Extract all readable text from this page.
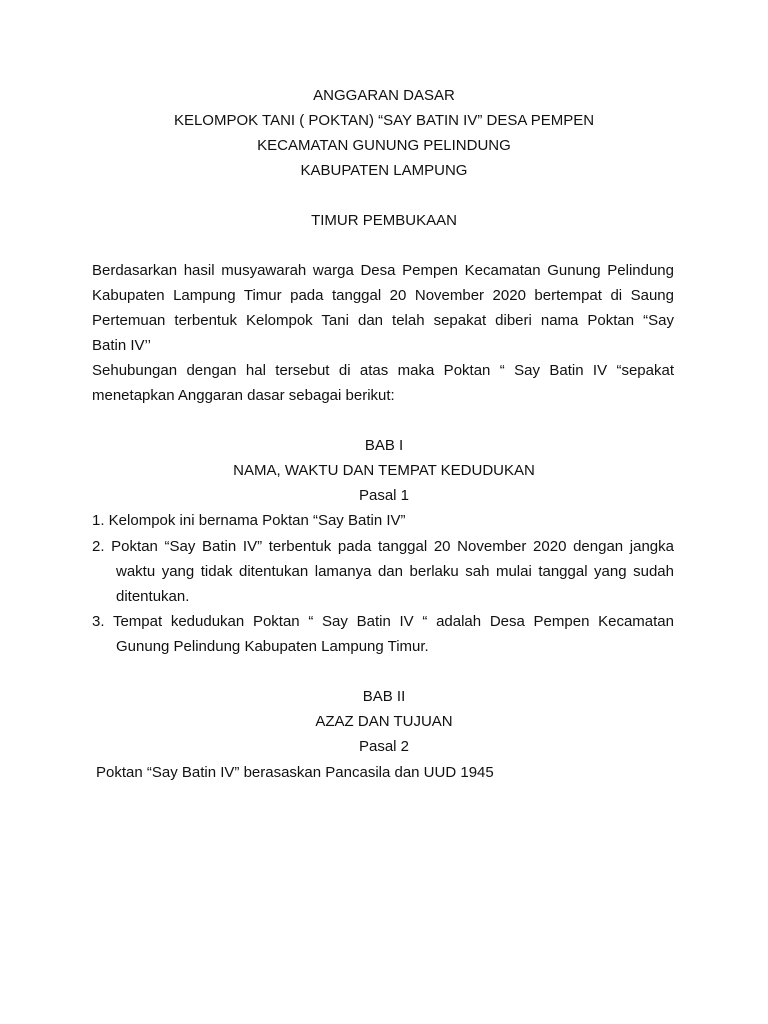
ANGGARAN DASAR
KELOMPOK TANI ( POKTAN) “SAY BATIN IV” DESA PEMPEN
KECAMATAN GUNUNG PELINDUNG
KABUPATEN LAMPUNG
TIMUR PEMBUKAAN
Berdasarkan hasil musyawarah warga Desa Pempen Kecamatan Gunung Pelindung
Kabupaten Lampung Timur pada tanggal 20 November 2020 bertempat di Saung
Pertemuan terbentuk Kelompok Tani dan telah sepakat diberi nama Poktan “Say
Batin IV’’
Sehubungan dengan hal tersebut di atas maka Poktan “ Say Batin IV “sepakat
menetapkan Anggaran dasar sebagai berikut:
BAB I
NAMA, WAKTU DAN TEMPAT KEDUDUKAN
Pasal 1
1. Kelompok ini bernama Poktan “Say Batin IV”
2. Poktan “Say Batin IV” terbentuk pada tanggal 20 November 2020 dengan jangka
waktu yang tidak ditentukan lamanya dan berlaku sah mulai tanggal yang sudah
ditentukan.
3. Tempat kedudukan Poktan “ Say Batin IV “ adalah Desa Pempen Kecamatan
Gunung Pelindung Kabupaten Lampung Timur.
BAB II
AZAZ DAN TUJUAN
Pasal 2
Poktan “Say Batin IV” berasaskan Pancasila dan UUD 1945
